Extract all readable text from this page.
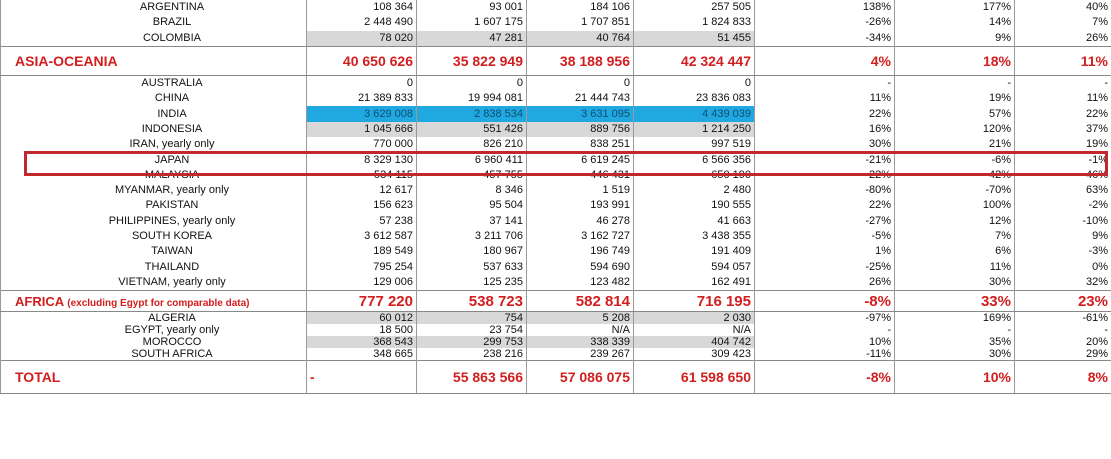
ARGENTINA	108 364	93 001	184 106	257 505	138%	177%	40%
BRAZIL	2 448 490	1 607 175	1 707 851	1 824 833	-26%	14%	7%
COLOMBIA	78 020	47 281	40 764	51 455	-34%	9%	26%
ASIA-OCEANIA	40 650 626	35 822 949	38 188 956	42 324 447	4%	18%	11%
AUSTRALIA	0	0	0	0	-	-	-
CHINA	21 389 833	19 994 081	21 444 743	23 836 083	11%	19%	11%
INDIA	3 629 008	2 838 534	3 631 095	4 439 039	22%	57%	22%
INDONESIA	1 045 666	551 426	889 756	1 214 250	16%	120%	37%
IRAN, yearly only	770 000	826 210	838 251	997 519	30%	21%	19%
JAPAN	8 329 130	6 960 411	6 619 245	6 566 356	-21%	-6%	-1%
MALAYSIA	534 115	457 755	446 431	650 190	22%	42%	46%
MYANMAR, yearly only	12 617	8 346	1 519	2 480	-80%	-70%	63%
PAKISTAN	156 623	95 504	193 991	190 555	22%	100%	-2%
PHILIPPINES, yearly only	57 238	37 141	46 278	41 663	-27%	12%	-10%
SOUTH KOREA	3 612 587	3 211 706	3 162 727	3 438 355	-5%	7%	9%
TAIWAN	189 549	180 967	196 749	191 409	1%	6%	-3%
THAILAND	795 254	537 633	594 690	594 057	-25%	11%	0%
VIETNAM, yearly only	129 006	125 235	123 482	162 491	26%	30%	32%
AFRICA (excluding Egypt for comparable data)	777 220	538 723	582 814	716 195	-8%	33%	23%
ALGERIA	60 012	754	5 208	2 030	-97%	169%	-61%
EGYPT, yearly only	18 500	23 754	N/A	N/A	-	-	-
MOROCCO	368 543	299 753	338 339	404 742	10%	35%	20%
SOUTH AFRICA	348 665	238 216	239 267	309 423	-11%	30%	29%
TOTAL	-	55 863 566	57 086 075	61 598 650	-8%	10%	8%
